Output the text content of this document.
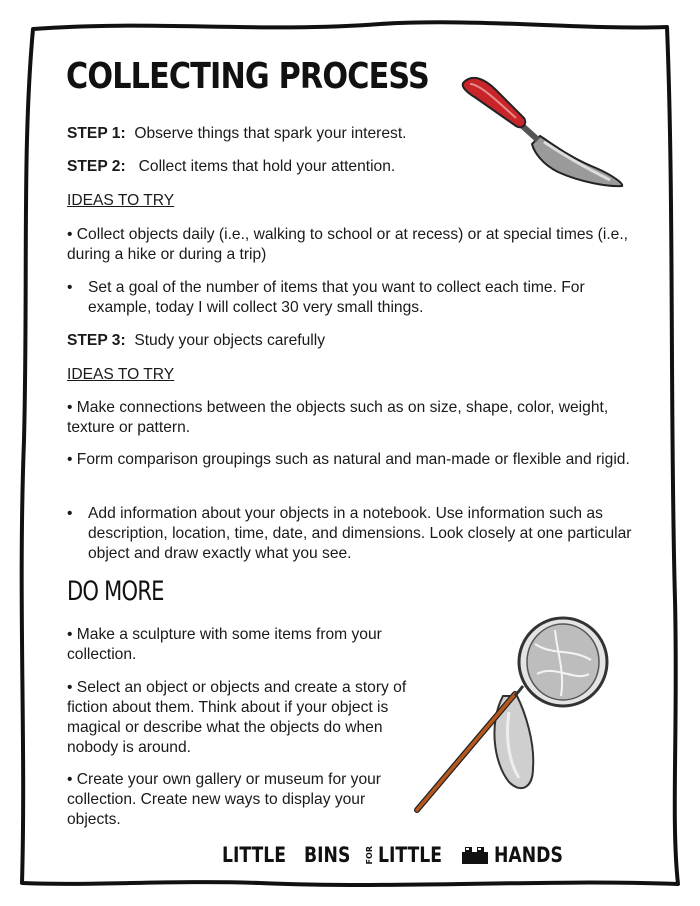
COLLECTING PROCESS

STEP 1: Observe things that spark your interest.

STEP 2: Collect items that hold your attention.

IDEAS TO TRY

• Collect objects daily (i.e., walking to school or at recess) or at special times (i.e., during a hike or during a trip)

• Set a goal of the number of items that you want to collect each time. For example, today I will collect 30 very small things.

STEP 3: Study your objects carefully

IDEAS TO TRY

• Make connections between the objects such as on size, shape, color, weight, texture or pattern.

• Form comparison groupings such as natural and man-made or flexible and rigid.

• Add information about your objects in a notebook. Use information such as description, location, time, date, and dimensions. Look closely at one particular object and draw exactly what you see.
DO MORE

• Make a sculpture with some items from your collection.

• Select an object or objects and create a story of fiction about them. Think about if your object is magical or describe what the objects do when nobody is around.

• Create your own gallery or museum for your collection. Create new ways to display your objects.

LITTLE BINS FOR LITTLE HANDS
